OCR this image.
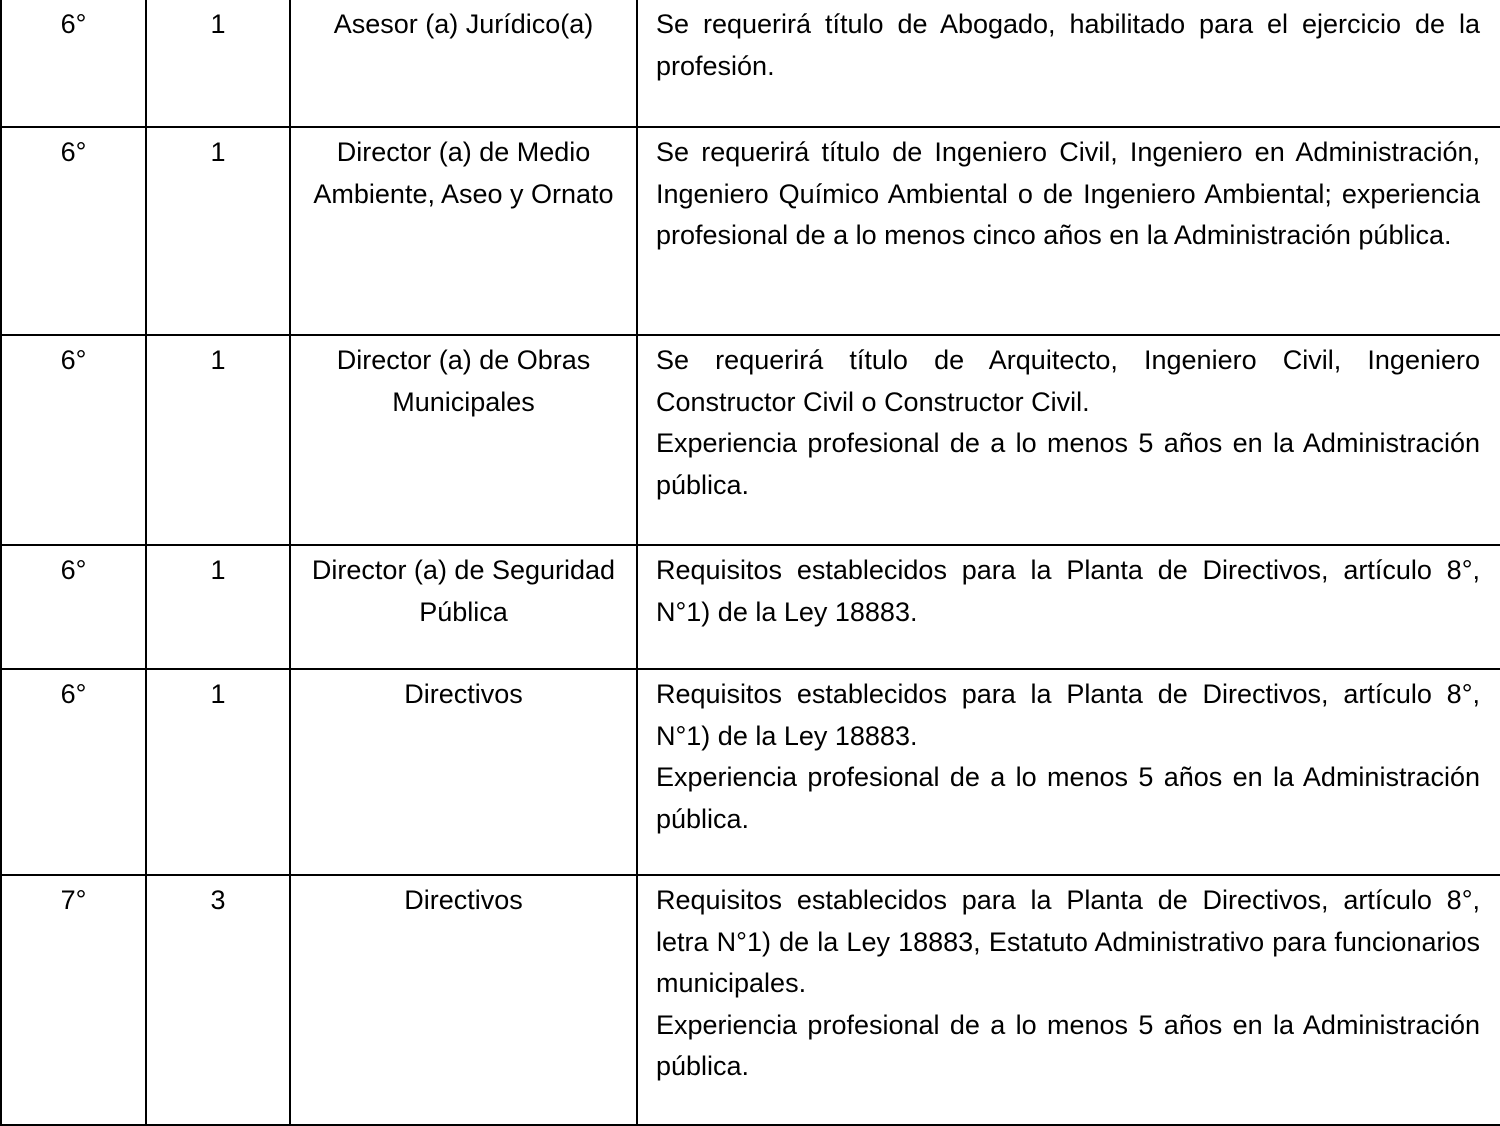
6°	1	Asesor (a) Jurídico(a)	Se requerirá título de Abogado, habilitado para el ejercicio de la profesión.

6°	1	Director (a) de Medio Ambiente, Aseo y Ornato	Se requerirá título de Ingeniero Civil, Ingeniero en Administración, Ingeniero Químico Ambiental o de Ingeniero Ambiental; experiencia profesional de a lo menos cinco años en la Administración pública.

6°	1	Director (a) de Obras Municipales	Se requerirá título de Arquitecto, Ingeniero Civil, Ingeniero Constructor Civil o Constructor Civil.
Experiencia profesional de a lo menos 5 años en la Administración pública.

6°	1	Director (a) de Seguridad Pública	Requisitos establecidos para la Planta de Directivos, artículo 8°, N°1) de la Ley 18883.

6°	1	Directivos	Requisitos establecidos para la Planta de Directivos, artículo 8°, N°1) de la Ley 18883.
Experiencia profesional de a lo menos 5 años en la Administración pública.

7°	3	Directivos	Requisitos establecidos para la Planta de Directivos, artículo 8°, letra N°1) de la Ley 18883, Estatuto Administrativo para funcionarios municipales.
Experiencia profesional de a lo menos 5 años en la Administración pública.
